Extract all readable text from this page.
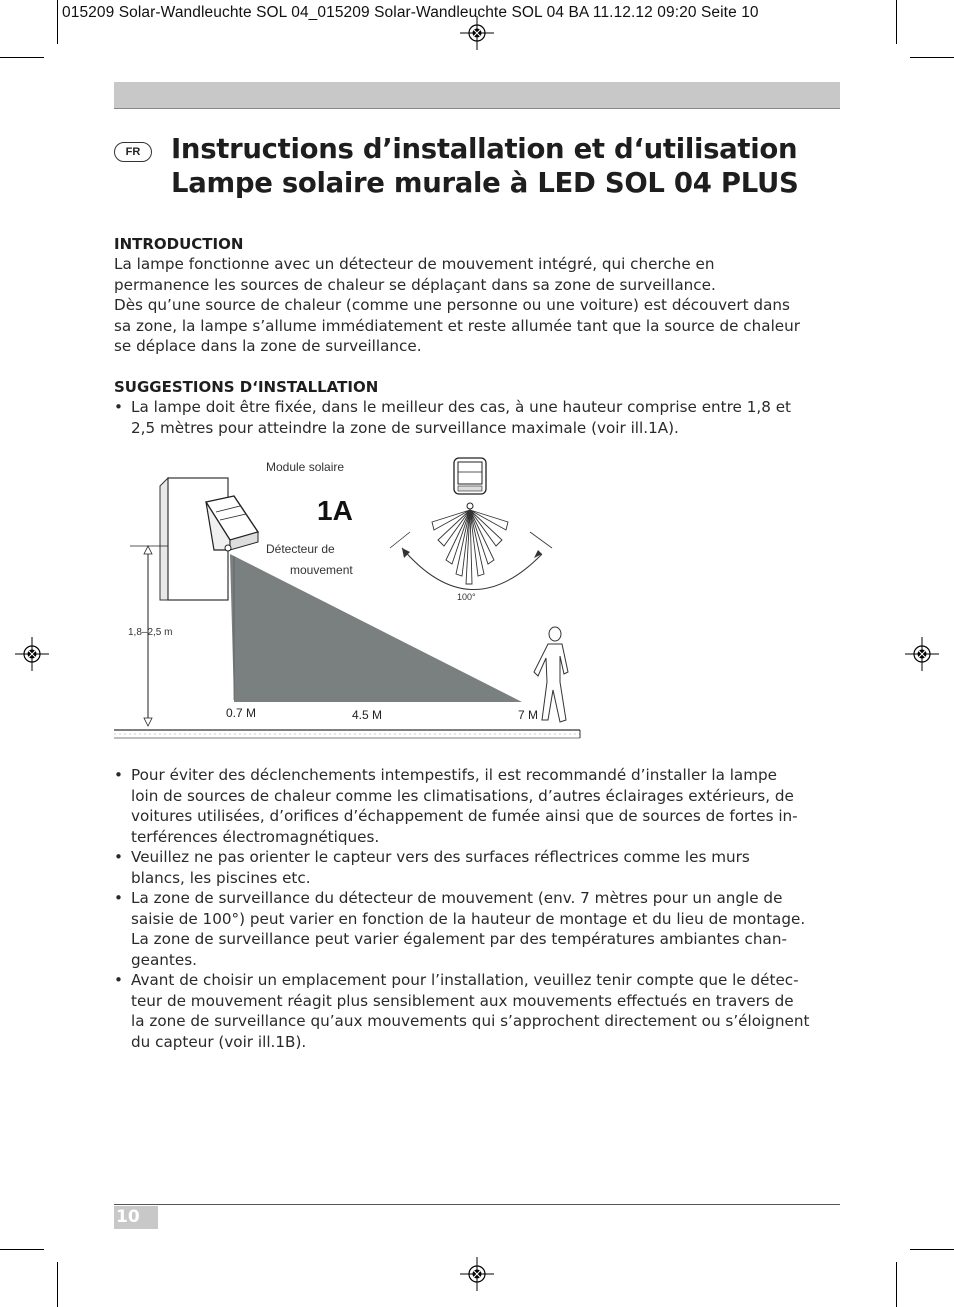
015209 Solar-Wandleuchte SOL 04_015209 Solar-Wandleuchte SOL 04 BA 11.12.12 09:20 Seite 10
FR	Instructions d’installation et d‘utilisation
Lampe solaire murale à LED SOL 04 PLUS
INTRODUCTION
La lampe fonctionne avec un détecteur de mouvement intégré, qui cherche en
permanence les sources de chaleur se déplaçant dans sa zone de surveillance.
Dès qu’une source de chaleur (comme une personne ou une voiture) est découvert dans
sa zone, la lampe s’allume immédiatement et reste allumée tant que la source de chaleur
se déplace dans la zone de surveillance.
SUGGESTIONS D‘INSTALLATION
• La lampe doit être fixée, dans le meilleur des cas, à une hauteur comprise entre 1,8 et
2,5 mètres pour atteindre la zone de surveillance maximale (voir ill.1A).
Module solaire
Détecteur de
mouvement
1A
1,8–2,5 m
0.7 M	4.5 M	7 M
100°
• Pour éviter des déclenchements intempestifs, il est recommandé d’installer la lampe
loin de sources de chaleur comme les climatisations, d’autres éclairages extérieurs, de
voitures utilisées, d’orifices d’échappement de fumée ainsi que de sources de fortes in-
terférences électromagnétiques.
• Veuillez ne pas orienter le capteur vers des surfaces réflectrices comme les murs
blancs, les piscines etc.
• La zone de surveillance du détecteur de mouvement (env. 7 mètres pour un angle de
saisie de 100°) peut varier en fonction de la hauteur de montage et du lieu de montage.
La zone de surveillance peut varier également par des températures ambiantes chan-
geantes.
• Avant de choisir un emplacement pour l’installation, veuillez tenir compte que le détec-
teur de mouvement réagit plus sensiblement aux mouvements effectués en travers de
la zone de surveillance qu’aux mouvements qui s’approchent directement ou s’éloignent
du capteur (voir ill.1B).
10
